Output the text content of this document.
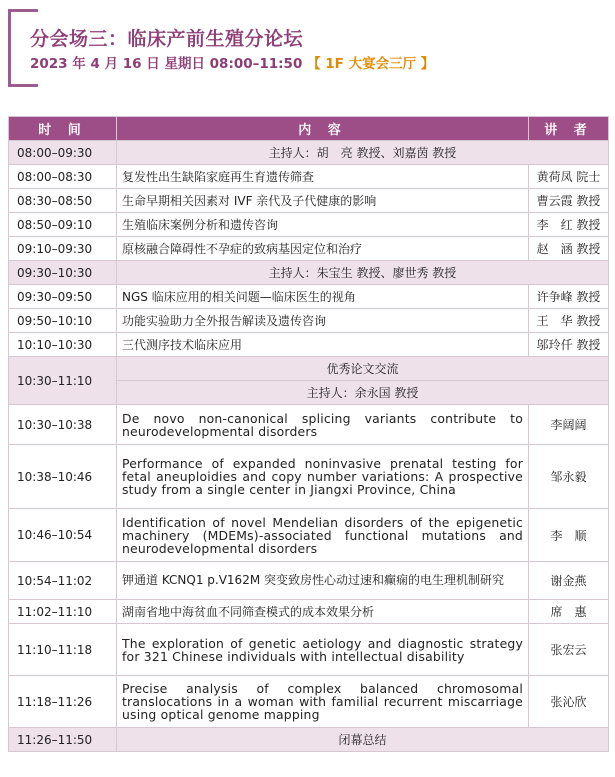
分会场三：临床产前生殖分论坛
2023 年 4 月 16 日 星期日 08:00–11:50 【 1F 大宴会三厅 】
时 间	内 容	讲 者
08:00–09:30	主持人：胡　亮 教授、刘嘉茵 教授	
08:00–08:30	复发性出生缺陷家庭再生育遗传筛查	黄荷凤 院士
08:30–08:50	生命早期相关因素对 IVF 亲代及子代健康的影响	曹云霞 教授
08:50–09:10	生殖临床案例分析和遗传咨询	李　红 教授
09:10–09:30	原核融合障碍性不孕症的致病基因定位和治疗	赵　涵 教授
09:30–10:30	主持人：朱宝生 教授、廖世秀 教授	
09:30–09:50	NGS 临床应用的相关问题—临床医生的视角	许争峰 教授
09:50–10:10	功能实验助力全外报告解读及遗传咨询	王　华 教授
10:10–10:30	三代测序技术临床应用	邬玲仟 教授
10:30–11:10	优秀论文交流	
	主持人：余永国 教授	
10:30–10:38	De novo non-canonical splicing variants contribute to neurodevelopmental disorders	李阔阔
10:38–10:46	Performance of expanded noninvasive prenatal testing for fetal aneuploidies and copy number variations: A prospective study from a single center in Jiangxi Province, China	邹永毅
10:46–10:54	Identification of novel Mendelian disorders of the epigenetic machinery (MDEMs)-associated functional mutations and neurodevelopmental disorders	李　顺
10:54–11:02	钾通道 KCNQ1 p.V162M 突变致房性心动过速和癫痫的电生理机制研究	谢金燕
11:02–11:10	湖南省地中海贫血不同筛查模式的成本效果分析	席　惠
11:10–11:18	The exploration of genetic aetiology and diagnostic strategy for 321 Chinese individuals with intellectual disability	张宏云
11:18–11:26	Precise analysis of complex balanced chromosomal translocations in a woman with familial recurrent miscarriage using optical genome mapping	张沁欣
11:26–11:50	闭幕总结	
